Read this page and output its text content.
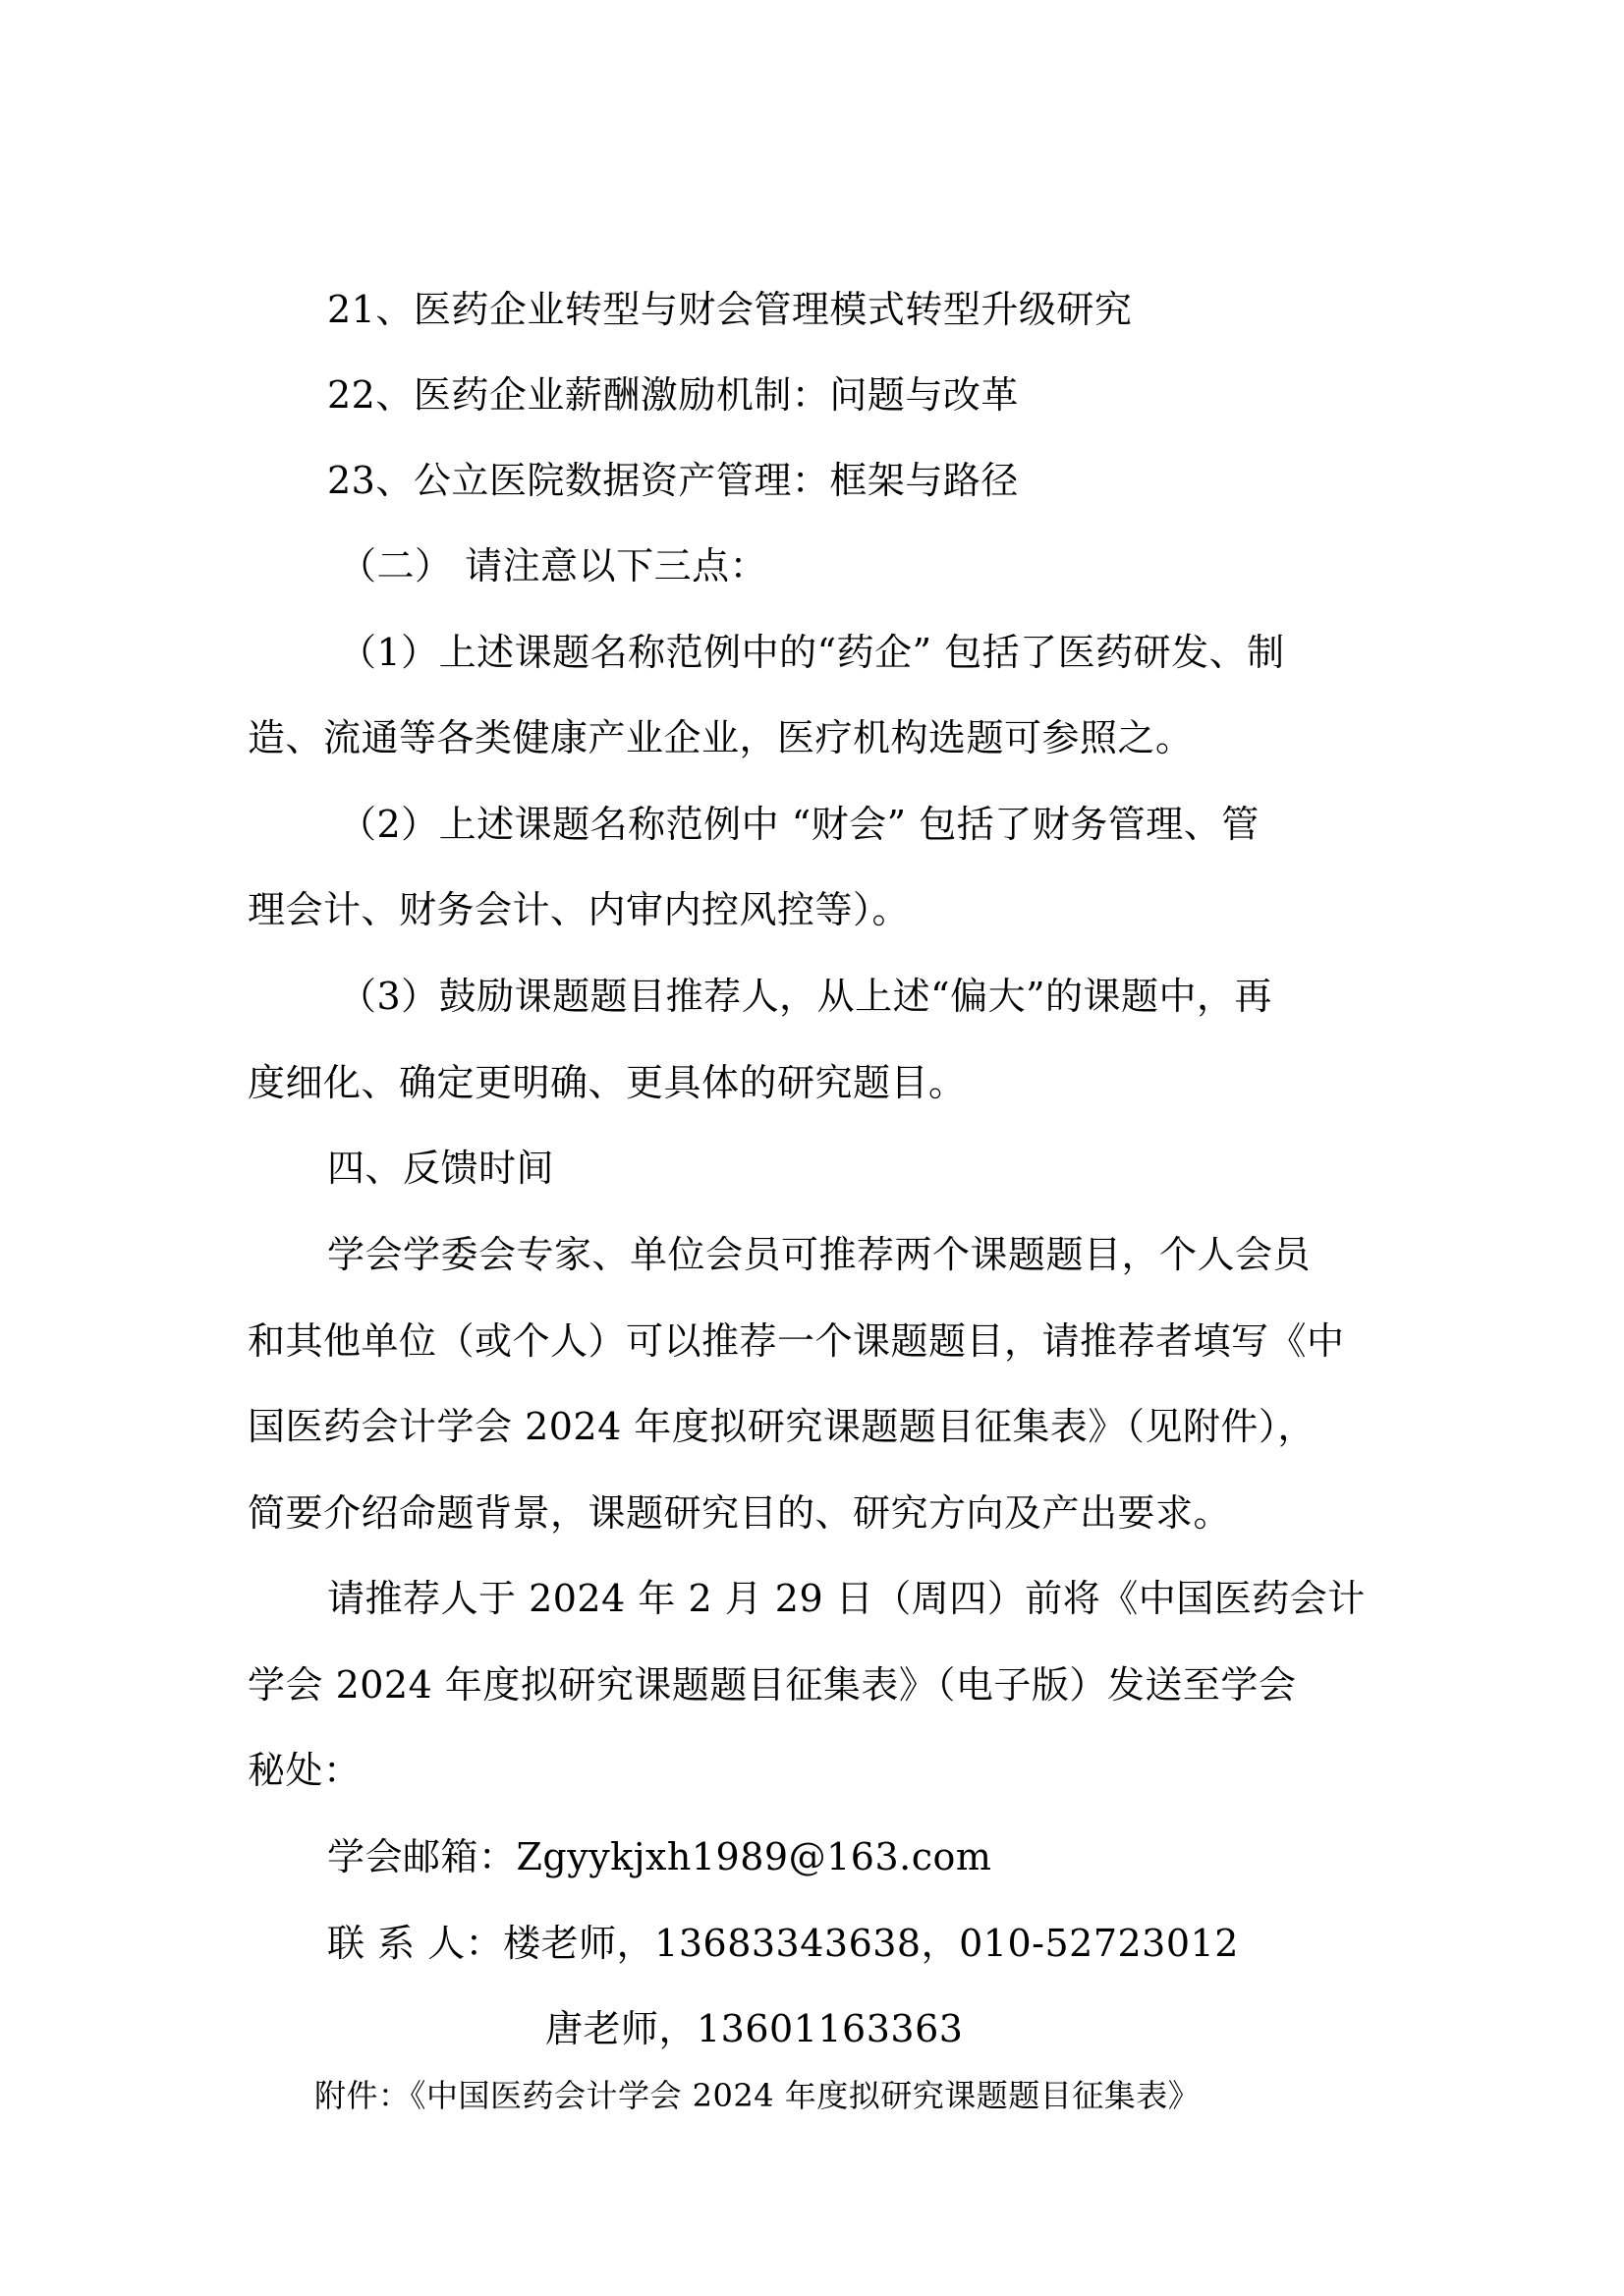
21、医药企业转型与财会管理模式转型升级研究

22、医药企业薪酬激励机制：问题与改革

23、公立医院数据资产管理：框架与路径

（二） 请注意以下三点：

（1）上述课题名称范例中的“药企” 包括了医药研发、制

造、流通等各类健康产业企业，医疗机构选题可参照之。

（2）上述课题名称范例中 “财会” 包括了财务管理、管

理会计、财务会计、内审内控风控等）。

（3）鼓励课题题目推荐人，从上述“偏大”的课题中，再

度细化、确定更明确、更具体的研究题目。

四、反馈时间

学会学委会专家、单位会员可推荐两个课题题目，个人会员

和其他单位（或个人）可以推荐一个课题题目，请推荐者填写《中

国医药会计学会 2024 年度拟研究课题题目征集表》（见附件），

简要介绍命题背景，课题研究目的、研究方向及产出要求。

请推荐人于 2024 年 2 月 29 日（周四）前将《中国医药会计

学会 2024 年度拟研究课题题目征集表》（电子版）发送至学会

秘处：

学会邮箱：Zgyykjxh1989@163.com

联 系 人：楼老师，13683343638，010-52723012

唐老师，13601163363

附件：《中国医药会计学会 2024 年度拟研究课题题目征集表》
